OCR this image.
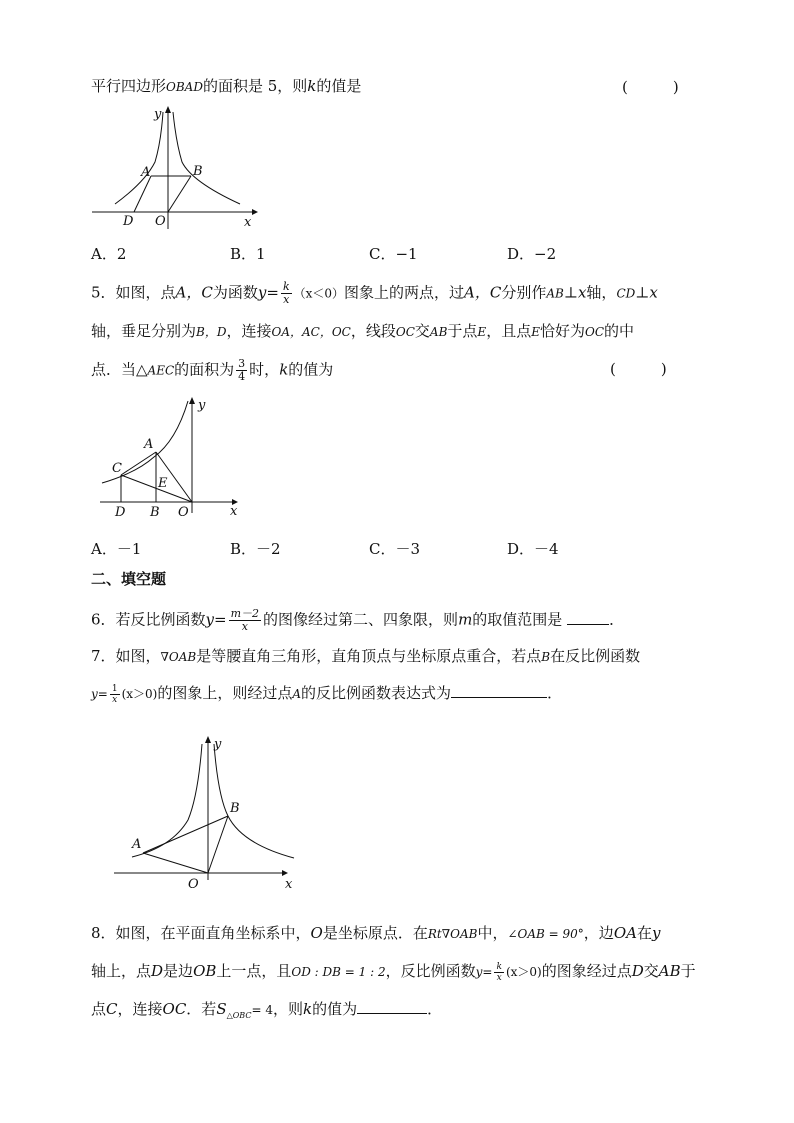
平行四边形OBAD的面积是 5，则k的值是	(　　　)
y
x
A	B
D O
A．2	B．1	C．−1	D．−2
5．如图，点A，C为函数$y= \frac{k}{x} (x<0)$图象上的两点，过A，C分别作AB⊥x轴，CD⊥x
轴，垂足分别为B，D，连接OA，AC，OC，线段OC交AB于点E，且点E恰好为OC的中
点．当△AEC的面积为 $\frac{3}{4}$ 时，k的值为	(　　　)
y
x
A
C
E
D B O
A．－1	B．－2	C．－3	D．－4
二、填空题
6．若反比例函数$y= \frac{m-2}{x}$ 的图像经过第二、四象限，则m的取值范围是	．
7．如图，∇OAB是等腰直角三角形，直角顶点与坐标原点重合，若点B在反比例函数
$y= \frac{1}{x} (x>0)$的图象上，则经过点A的反比例函数表达式为	．
y
x
A
B
O
8．如图，在平面直角坐标系中，O是坐标原点．在Rt∇OAB中，∠OAB = 90°，边OA在y
轴上，点D是边OB上一点，且OD : DB = 1 : 2，反比例函数$y= \frac{k}{x} (x>0)$的图象经过点D交AB于
点C，连接OC．若$S_{\triangle OBC}= 4$，则k的值为	．
